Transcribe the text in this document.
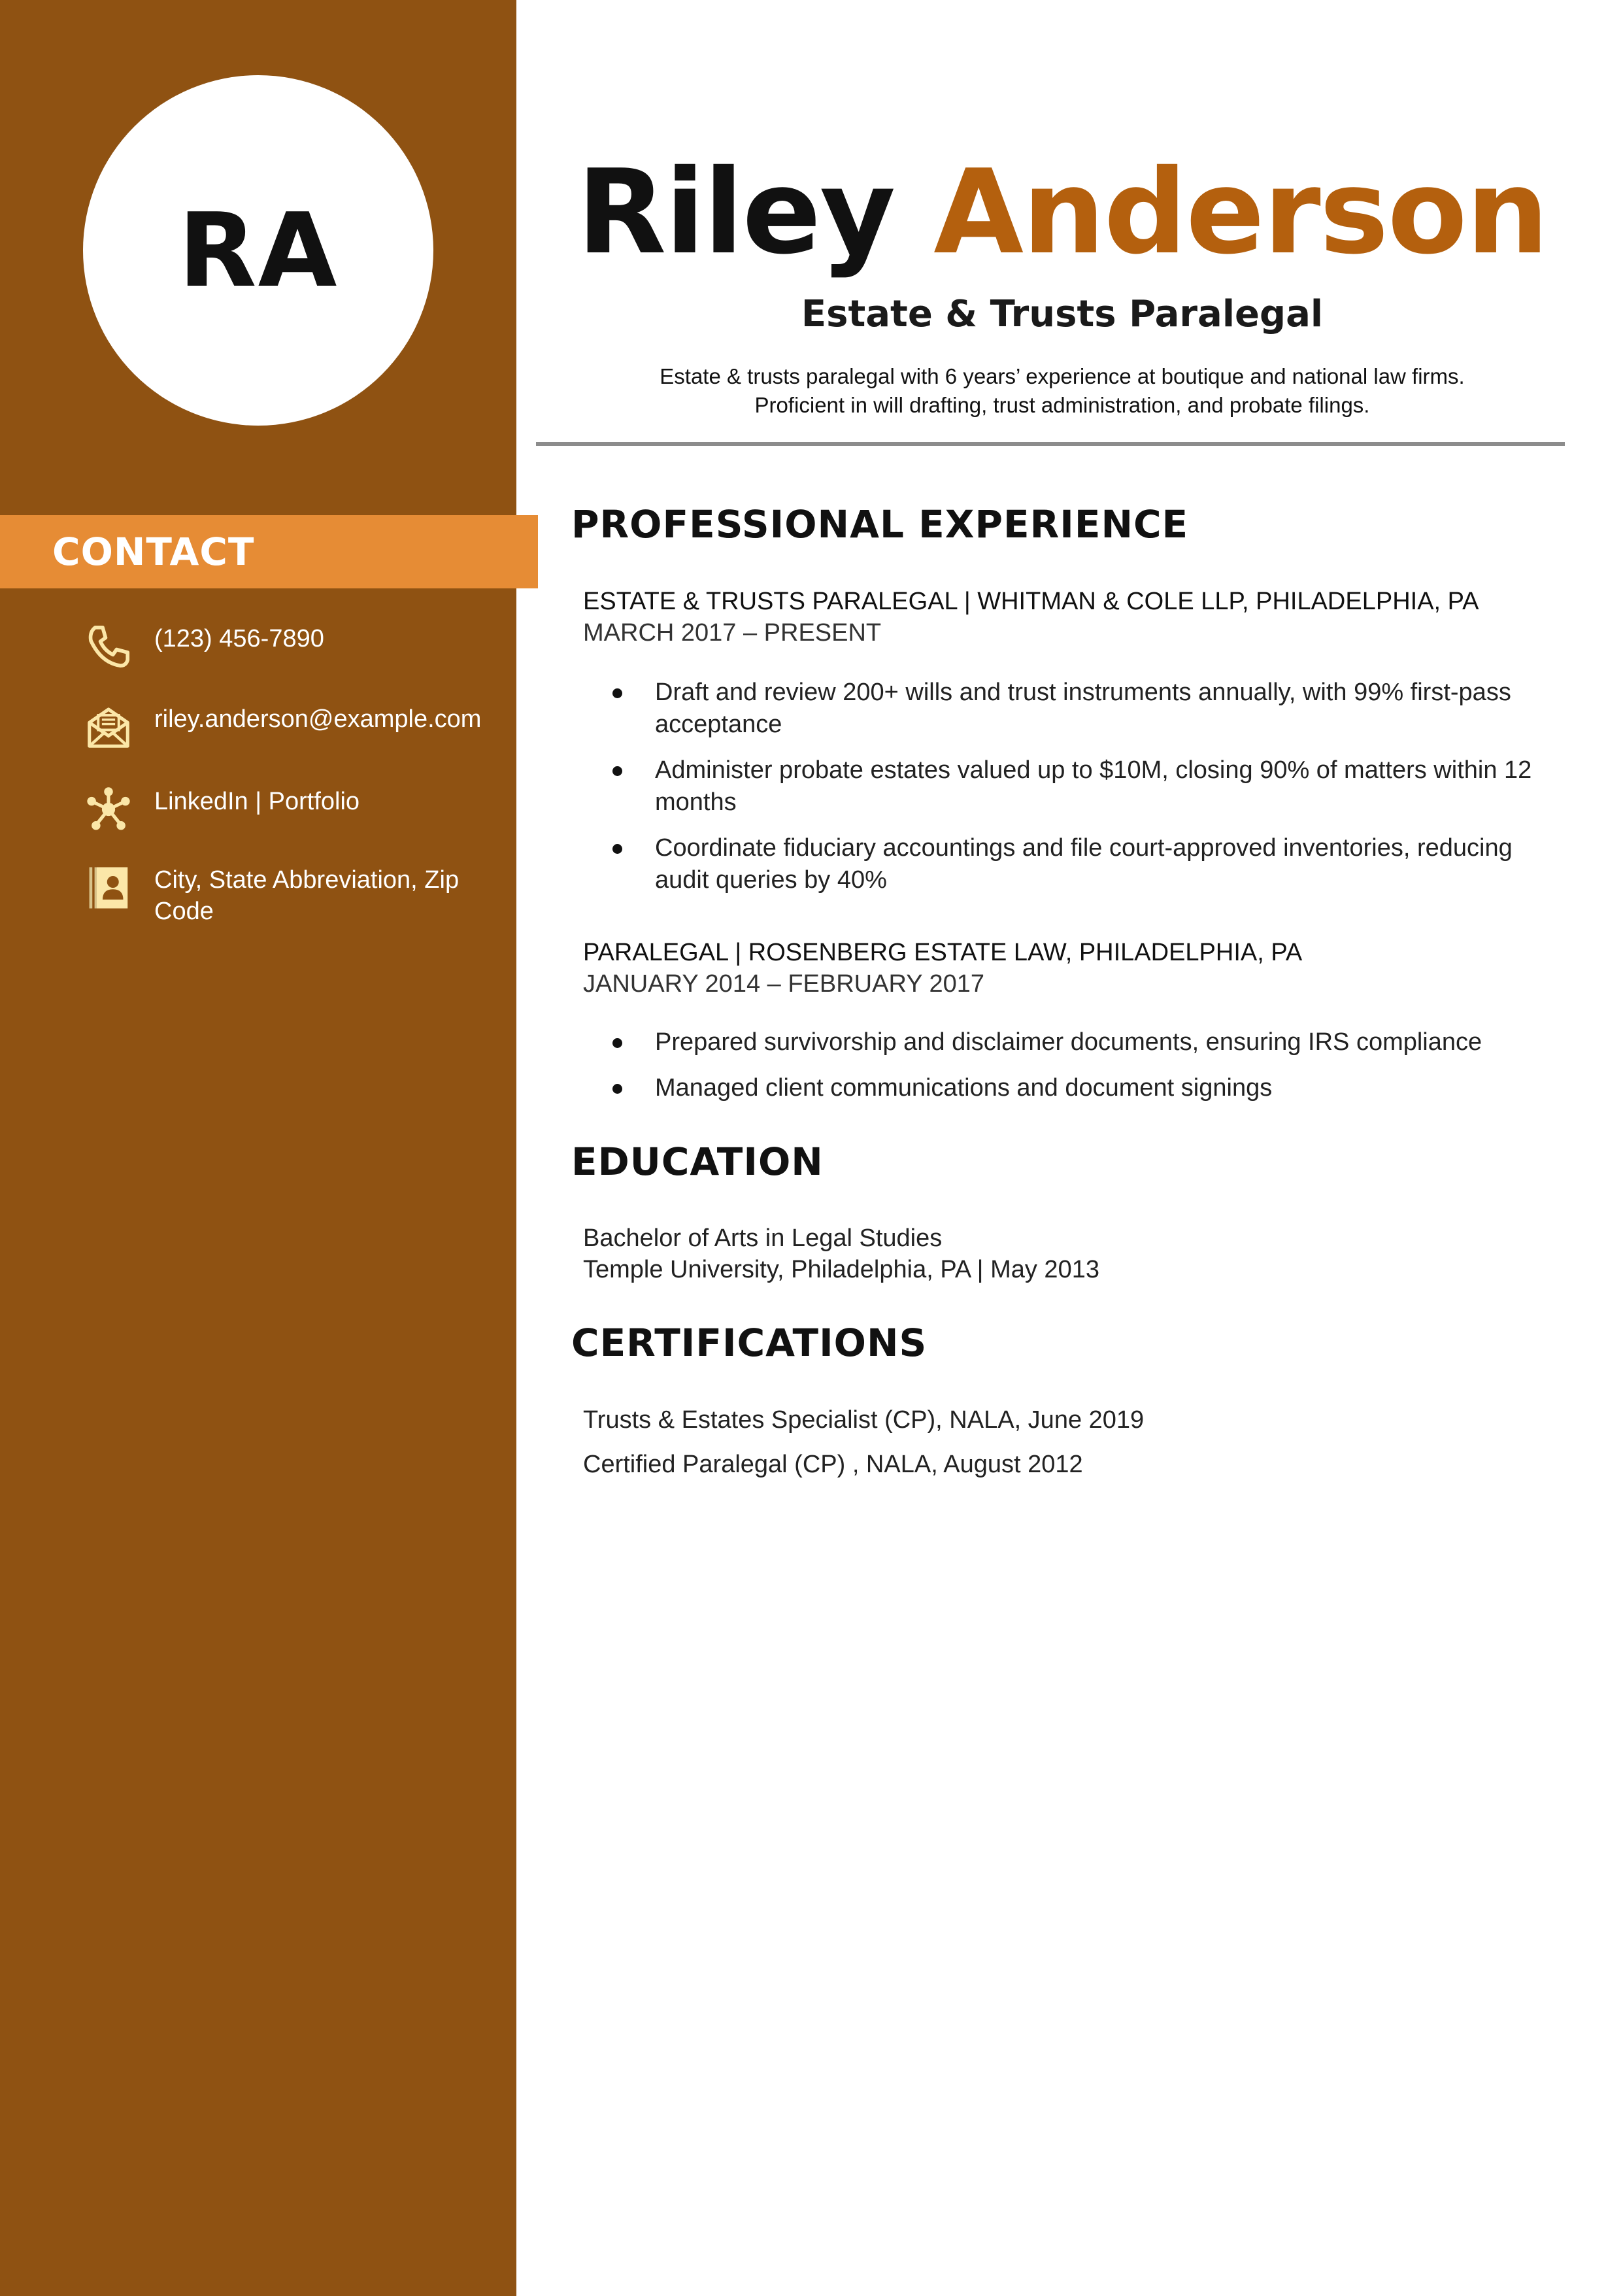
RA
(123) 456-7890
riley.anderson@example.com
LinkedIn | Portfolio
City, State Abbreviation, Zip
Code
CONTACT
Riley Anderson
Estate & Trusts Paralegal
Estate & trusts paralegal with 6 years’ experience at boutique and national law firms.
Proficient in will drafting, trust administration, and probate filings.
PROFESSIONAL EXPERIENCE
ESTATE & TRUSTS PARALEGAL | WHITMAN & COLE LLP, PHILADELPHIA, PA
MARCH 2017 – PRESENT
Draft and review 200+ wills and trust instruments annually, with 99% first-pass acceptance
Administer probate estates valued up to $10M, closing 90% of matters within 12 months
Coordinate fiduciary accountings and file court-approved inventories, reducing audit queries by 40%
PARALEGAL | ROSENBERG ESTATE LAW, PHILADELPHIA, PA
JANUARY 2014 – FEBRUARY 2017
Prepared survivorship and disclaimer documents, ensuring IRS compliance
Managed client communications and document signings
EDUCATION
Bachelor of Arts in Legal Studies
Temple University, Philadelphia, PA | May 2013
CERTIFICATIONS
Trusts & Estates Specialist (CP), NALA, June 2019
Certified Paralegal (CP) , NALA, August 2012
